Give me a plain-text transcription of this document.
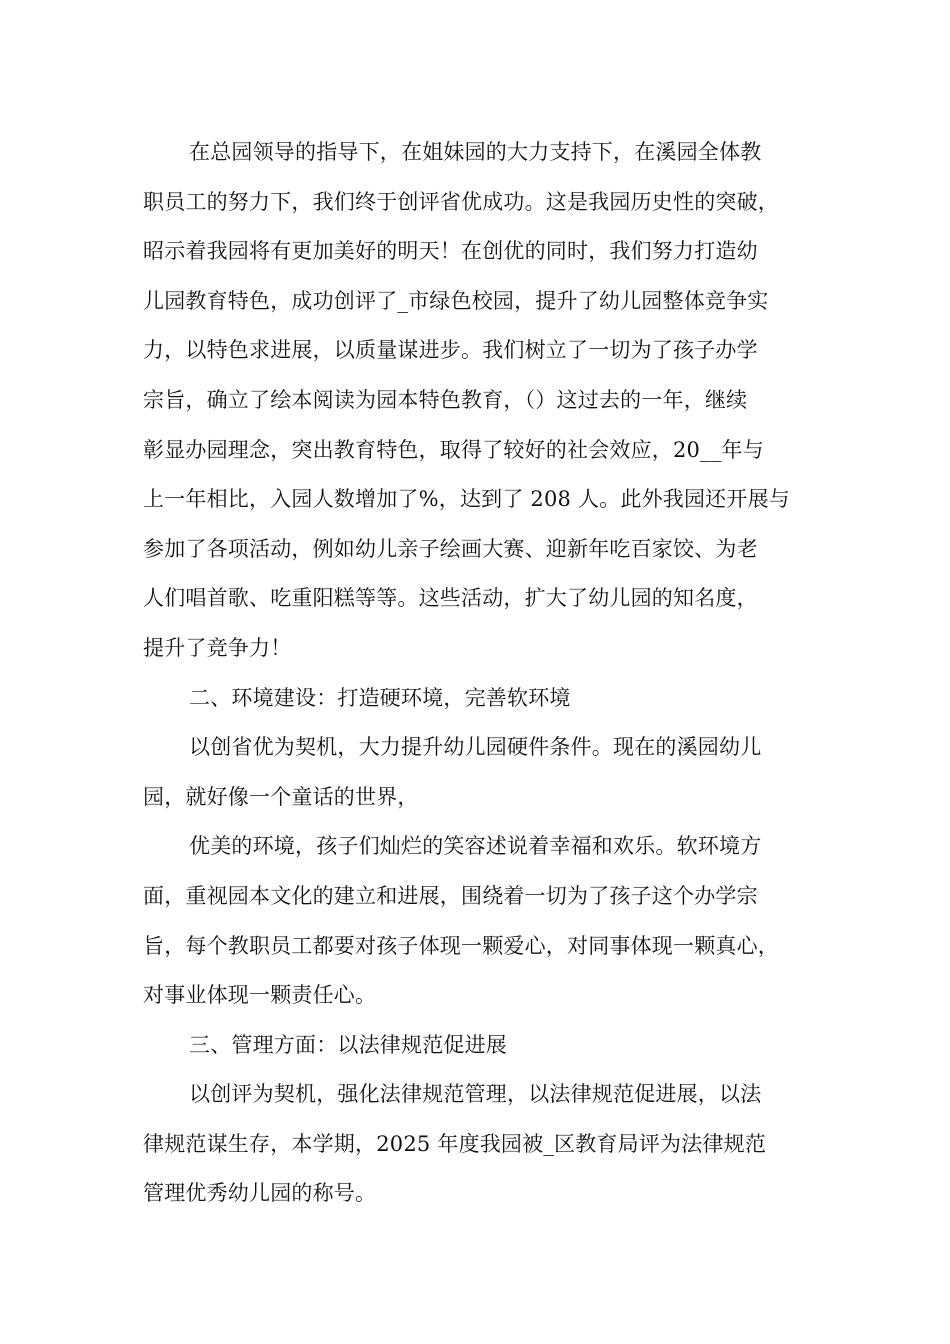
在总园领导的指导下，在姐妹园的大力支持下，在溪园全体教
职员工的努力下，我们终于创评省优成功。这是我园历史性的突破，
昭示着我园将有更加美好的明天！在创优的同时，我们努力打造幼
儿园教育特色，成功创评了_市绿色校园，提升了幼儿园整体竞争实
力，以特色求进展，以质量谋进步。我们树立了一切为了孩子办学
宗旨，确立了绘本阅读为园本特色教育，（）这过去的一年，继续
彰显办园理念，突出教育特色，取得了较好的社会效应，20__年与
上一年相比，入园人数增加了%，达到了 208 人。此外我园还开展与
参加了各项活动，例如幼儿亲子绘画大赛、迎新年吃百家饺、为老
人们唱首歌、吃重阳糕等等。这些活动，扩大了幼儿园的知名度，
提升了竞争力！
二、环境建设：打造硬环境，完善软环境
以创省优为契机，大力提升幼儿园硬件条件。现在的溪园幼儿
园，就好像一个童话的世界，
优美的环境，孩子们灿烂的笑容述说着幸福和欢乐。软环境方
面，重视园本文化的建立和进展，围绕着一切为了孩子这个办学宗
旨，每个教职员工都要对孩子体现一颗爱心，对同事体现一颗真心，
对事业体现一颗责任心。
三、管理方面：以法律规范促进展
以创评为契机，强化法律规范管理，以法律规范促进展，以法
律规范谋生存，本学期，2025 年度我园被_区教育局评为法律规范
管理优秀幼儿园的称号。
